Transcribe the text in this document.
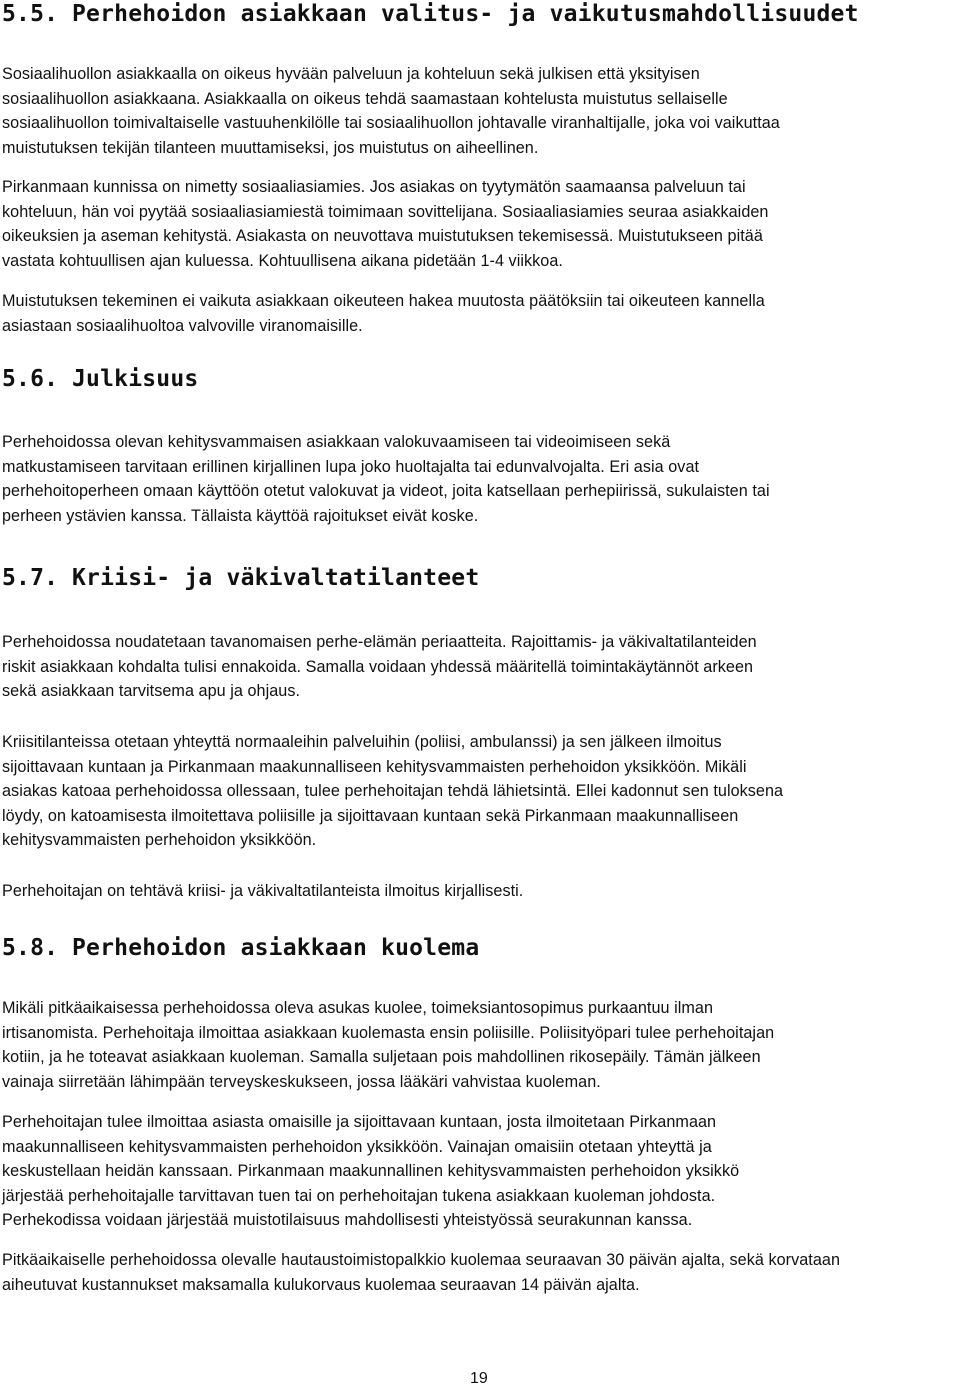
5.5. Perhehoidon asiakkaan valitus- ja vaikutusmahdollisuudet

Sosiaalihuollon asiakkaalla on oikeus hyvään palveluun ja kohteluun sekä julkisen että yksityisen
sosiaalihuollon asiakkaana. Asiakkaalla on oikeus tehdä saamastaan kohtelusta muistutus sellaiselle
sosiaalihuollon toimivaltaiselle vastuuhenkilölle tai sosiaalihuollon johtavalle viranhaltijalle, joka voi vaikuttaa
muistutuksen tekijän tilanteen muuttamiseksi, jos muistutus on aiheellinen.

Pirkanmaan kunnissa on nimetty sosiaaliasiamies. Jos asiakas on tyytymätön saamaansa palveluun tai
kohteluun, hän voi pyytää sosiaaliasiamiestä toimimaan sovittelijana. Sosiaaliasiamies seuraa asiakkaiden
oikeuksien ja aseman kehitystä. Asiakasta on neuvottava muistutuksen tekemisessä. Muistutukseen pitää
vastata kohtuullisen ajan kuluessa. Kohtuullisena aikana pidetään 1-4 viikkoa.

Muistutuksen tekeminen ei vaikuta asiakkaan oikeuteen hakea muutosta päätöksiin tai oikeuteen kannella
asiastaan sosiaalihuoltoa valvoville viranomaisille.

5.6. Julkisuus

Perhehoidossa olevan kehitysvammaisen asiakkaan valokuvaamiseen tai videoimiseen sekä
matkustamiseen tarvitaan erillinen kirjallinen lupa joko huoltajalta tai edunvalvojalta. Eri asia ovat
perhehoitoperheen omaan käyttöön otetut valokuvat ja videot, joita katsellaan perhepiirissä, sukulaisten tai
perheen ystävien kanssa. Tällaista käyttöä rajoitukset eivät koske.

5.7. Kriisi- ja väkivaltatilanteet

Perhehoidossa noudatetaan tavanomaisen perhe-elämän periaatteita. Rajoittamis- ja väkivaltatilanteiden
riskit asiakkaan kohdalta tulisi ennakoida. Samalla voidaan yhdessä määritellä toimintakäytännöt arkeen
sekä asiakkaan tarvitsema apu ja ohjaus.

Kriisitilanteissa otetaan yhteyttä normaaleihin palveluihin (poliisi, ambulanssi) ja sen jälkeen ilmoitus
sijoittavaan kuntaan ja Pirkanmaan maakunnalliseen kehitysvammaisten perhehoidon yksikköön. Mikäli
asiakas katoaa perhehoidossa ollessaan, tulee perhehoitajan tehdä lähietsintä. Ellei kadonnut sen tuloksena
löydy, on katoamisesta ilmoitettava poliisille ja sijoittavaan kuntaan sekä Pirkanmaan maakunnalliseen
kehitysvammaisten perhehoidon yksikköön.

Perhehoitajan on tehtävä kriisi- ja väkivaltatilanteista ilmoitus kirjallisesti.

5.8. Perhehoidon asiakkaan kuolema

Mikäli pitkäaikaisessa perhehoidossa oleva asukas kuolee, toimeksiantosopimus purkaantuu ilman
irtisanomista. Perhehoitaja ilmoittaa asiakkaan kuolemasta ensin poliisille. Poliisityöpari tulee perhehoitajan
kotiin, ja he toteavat asiakkaan kuoleman. Samalla suljetaan pois mahdollinen rikosepäily. Tämän jälkeen
vainaja siirretään lähimpään terveyskeskukseen, jossa lääkäri vahvistaa kuoleman.

Perhehoitajan tulee ilmoittaa asiasta omaisille ja sijoittavaan kuntaan, josta ilmoitetaan Pirkanmaan
maakunnalliseen kehitysvammaisten perhehoidon yksikköön. Vainajan omaisiin otetaan yhteyttä ja
keskustellaan heidän kanssaan. Pirkanmaan maakunnallinen kehitysvammaisten perhehoidon yksikkö
järjestää perhehoitajalle tarvittavan tuen tai on perhehoitajan tukena asiakkaan kuoleman johdosta.
Perhekodissa voidaan järjestää muistotilaisuus mahdollisesti yhteistyössä seurakunnan kanssa.

Pitkäaikaiselle perhehoidossa olevalle hautaustoimistopalkkio kuolemaa seuraavan 30 päivän ajalta, sekä korvataan
aiheutuvat kustannukset maksamalla kulukorvaus kuolemaa seuraavan 14 päivän ajalta.

19
